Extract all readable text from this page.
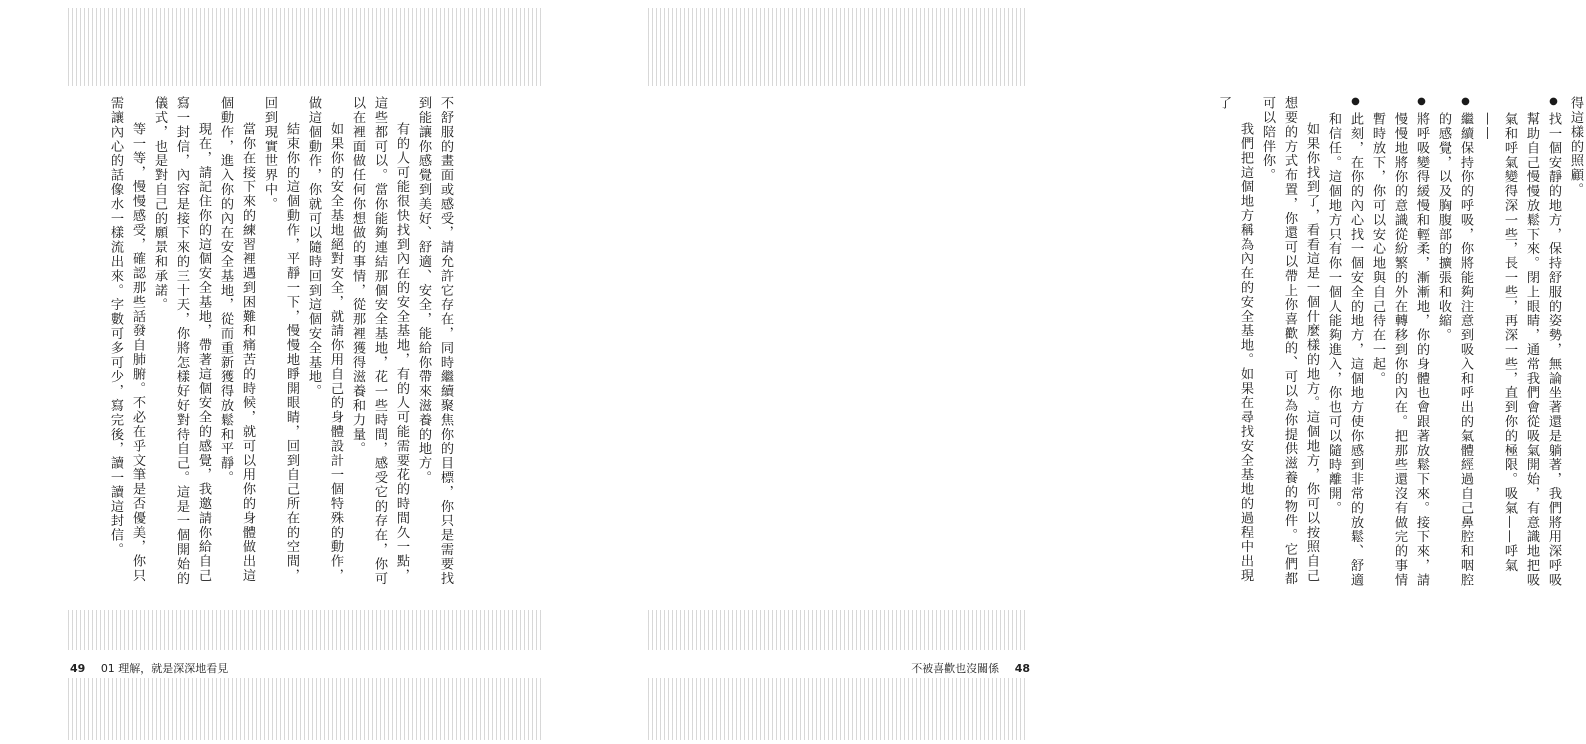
不舒服的畫面或感受，請允許它存在，同時繼續聚焦你的目標，你只是需要找到能讓你感覺到美好、舒適、安全，能給你帶來滋養的地方。

有的人可能很快找到內在的安全基地，有的人可能需要花的時間久一點，這些都可以。當你能夠連結那個安全基地，花一些時間，感受它的存在，你可以在裡面做任何你想做的事情，從那裡獲得滋養和力量。

如果你的安全基地絕對安全，就請你用自己的身體設計一個特殊的動作，做這個動作，你就可以隨時回到這個安全基地。

結束你的這個動作，平靜一下，慢慢地睜開眼睛，回到自己所在的空間，回到現實世界中。

當你在接下來的練習裡遇到困難和痛苦的時候，就可以用你的身體做出這個動作，進入你的內在安全基地，從而重新獲得放鬆和平靜。

現在，請記住你的這個安全基地，帶著這個安全的感覺，我邀請你給自己寫一封信，內容是接下來的三十天，你將怎樣好好對待自己。這是一個開始的儀式，也是對自己的願景和承諾。

等一等，慢慢感受，確認那些話發自肺腑。不必在乎文筆是否優美，你只需讓內心的話像水一樣流出來。字數可多可少，寫完後，讀一讀這封信。

49 01 理解，就是深深地看見

得這樣的照顧。

●
找一個安靜的地方，保持舒服的姿勢，無論坐著還是躺著，我們將用深呼吸幫助自己慢慢放鬆下來。閉上眼睛，通常我們會從吸氣開始，有意識地把吸氣和呼氣變得深一些，長一些，再深一些，直到你的極限。吸氣——呼氣——
●
繼續保持你的呼吸，你將能夠注意到吸入和呼出的氣體經過自己鼻腔和咽腔的感覺，以及胸腹部的擴張和收縮。
●
將呼吸變得緩慢和輕柔，漸漸地，你的身體也會跟著放鬆下來。接下來，請慢慢地將你的意識從紛繁的外在轉移到你的內在。把那些還沒有做完的事情暫時放下，你可以安心地與自己待在一起。
●
此刻，在你的內心找一個安全的地方，這個地方使你感到非常的放鬆、舒適和信任。這個地方只有你一個人能夠進入，你也可以隨時離開。

如果你找到了，看看這是一個什麼樣的地方。這個地方，你可以按照自己想要的方式布置，你還可以帶上你喜歡的、可以為你提供滋養的物件。它們都可以陪伴你。

我們把這個地方稱為內在的安全基地。如果在尋找安全基地的過程中出現了

不被喜歡也沒關係 48
